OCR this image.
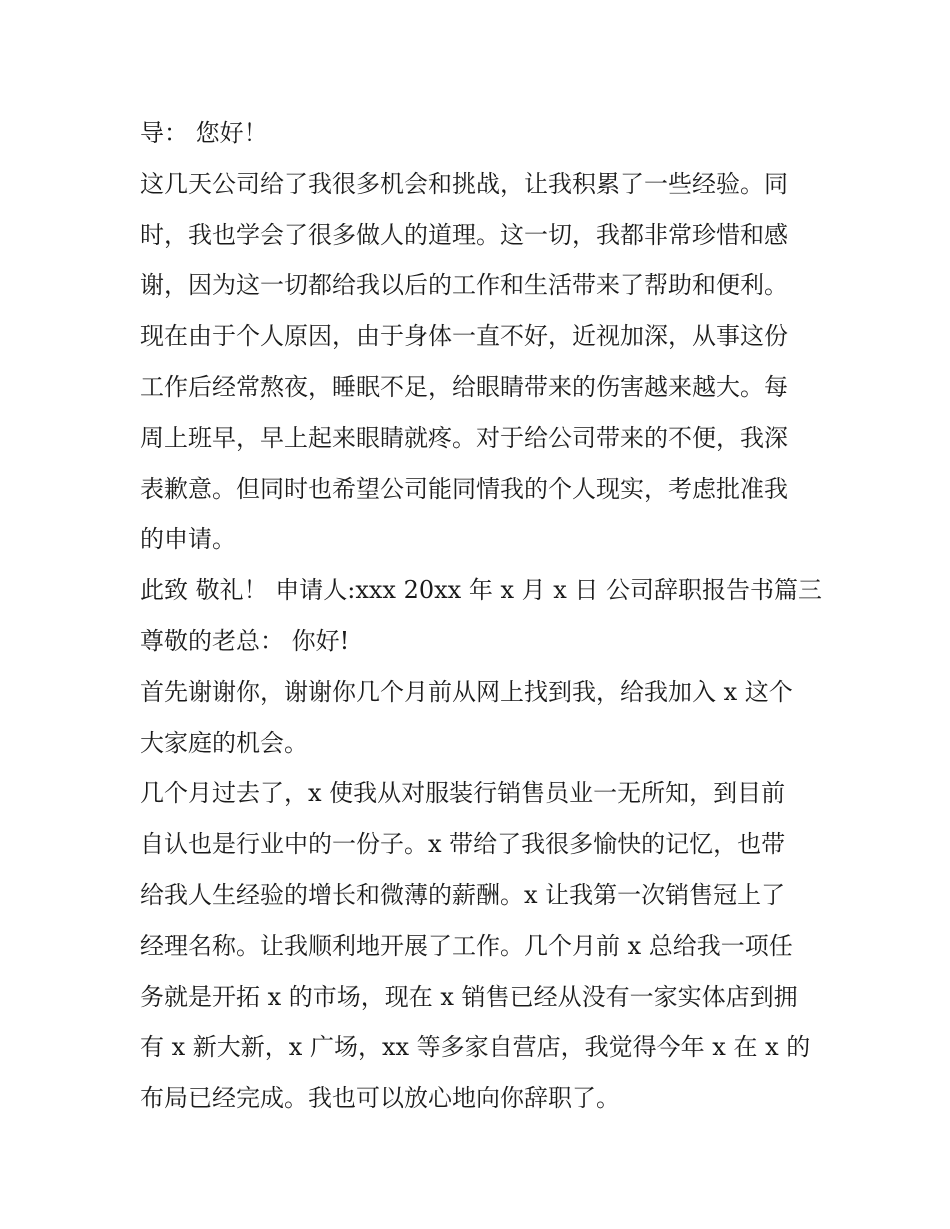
导： 您好！
这几天公司给了我很多机会和挑战，让我积累了一些经验。同
时，我也学会了很多做人的道理。这一切，我都非常珍惜和感
谢，因为这一切都给我以后的工作和生活带来了帮助和便利。
现在由于个人原因，由于身体一直不好，近视加深，从事这份
工作后经常熬夜，睡眠不足，给眼睛带来的伤害越来越大。每
周上班早，早上起来眼睛就疼。对于给公司带来的不便，我深
表歉意。但同时也希望公司能同情我的个人现实，考虑批准我
的申请。
此致 敬礼！ 申请人:xxx 20xx 年 x 月 x 日 公司辞职报告书篇三
尊敬的老总： 你好!
首先谢谢你，谢谢你几个月前从网上找到我，给我加入 x 这个
大家庭的机会。
几个月过去了，x 使我从对服装行销售员业一无所知，到目前
自认也是行业中的一份子。x 带给了我很多愉快的记忆，也带
给我人生经验的增长和微薄的薪酬。x 让我第一次销售冠上了
经理名称。让我顺利地开展了工作。几个月前 x 总给我一项任
务就是开拓 x 的市场，现在 x 销售已经从没有一家实体店到拥
有 x 新大新，x 广场，xx 等多家自营店，我觉得今年 x 在 x 的
布局已经完成。我也可以放心地向你辞职了。
